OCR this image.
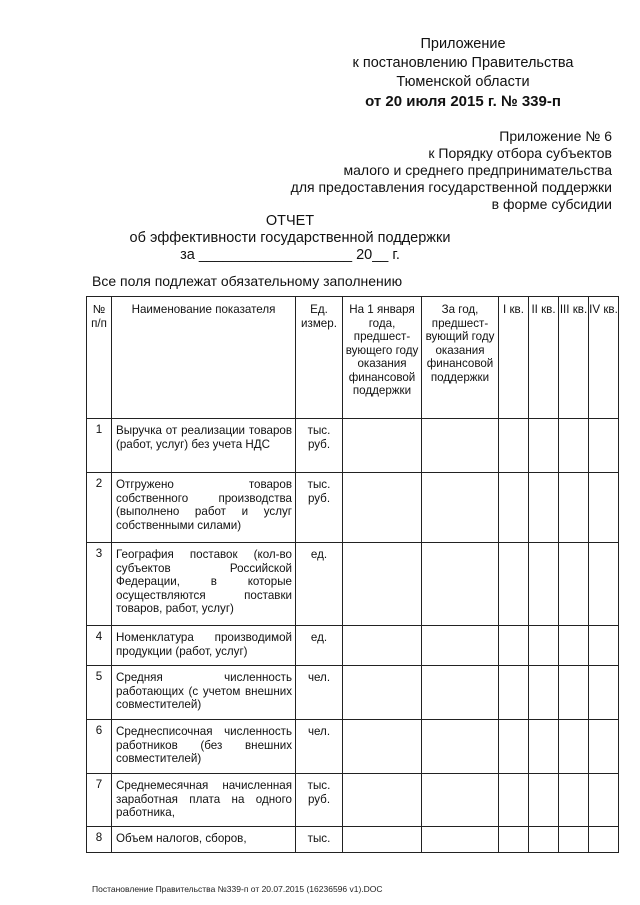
Приложение
к постановлению Правительства
Тюменской области
от 20 июля 2015 г. № 339-п
Приложение № 6
к Порядку отбора субъектов
малого и среднего предпринимательства
для предоставления государственной поддержки
в форме субсидии
ОТЧЕТ
об эффективности государственной поддержки
за ___________________ 20__ г.
Все поля подлежат обязательному заполнению
№ п/п	Наименование показателя	Ед. измер.	На 1 января года, предшест-вующего году оказания финансовой поддержки	За год, предшест-вующий году оказания финансовой поддержки	I кв.	II кв.	III кв.	IV кв.
1	Выручка от реализации товаров (работ, услуг) без учета НДС	тыс. руб.						
2	Отгружено товаров собственного производства (выполнено работ и услуг собственными силами)	тыс. руб.						
3	География поставок (кол-во субъектов Российской Федерации, в которые осуществляются поставки товаров, работ, услуг)	ед.						
4	Номенклатура производимой продукции (работ, услуг)	ед.						
5	Средняя численность работающих (с учетом внешних совместителей)	чел.						
6	Среднесписочная численность работников (без внешних совместителей)	чел.						
7	Среднемесячная начисленная заработная плата на одного работника,	тыс. руб.						
8	Объем налогов, сборов,	тыс.						
Постановление Правительства №339-п от 20.07.2015 (16236596 v1).DOC
